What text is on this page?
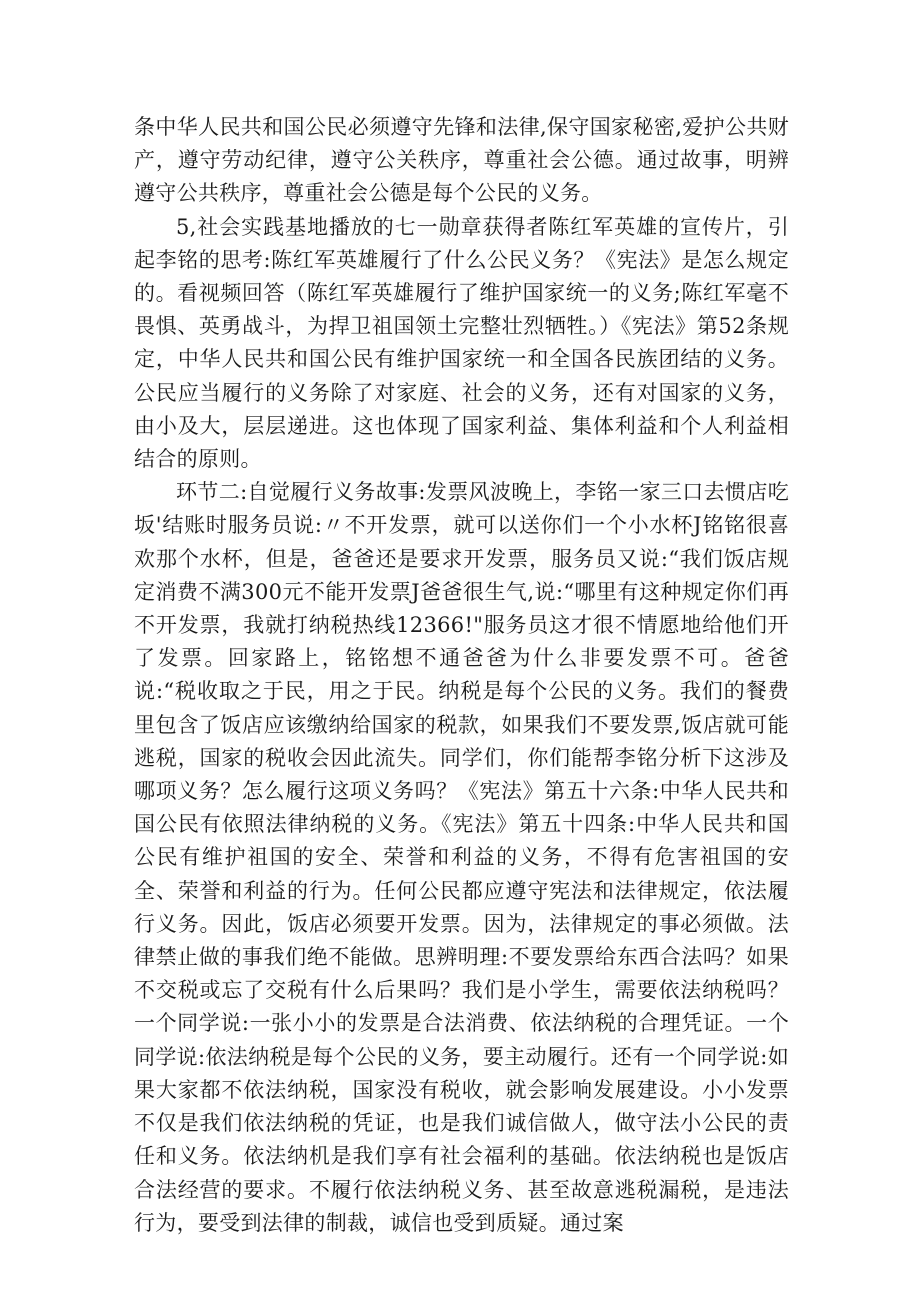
条中华人民共和国公民必须遵守先锋和法律,保守国家秘密,爱护公共财产，遵守劳动纪律，遵守公关秩序，尊重社会公德。通过故事，明辨遵守公共秩序，尊重社会公德是每个公民的义务。

5,社会实践基地播放的七一勋章获得者陈红军英雄的宣传片，引起李铭的思考:陈红军英雄履行了什么公民义务？《宪法》是怎么规定的。看视频回答（陈红军英雄履行了维护国家统一的义务;陈红军毫不畏惧、英勇战斗，为捍卫祖国领土完整壮烈牺牲。）《宪法》第52条规定，中华人民共和国公民有维护国家统一和全国各民族团结的义务。公民应当履行的义务除了对家庭、社会的义务，还有对国家的义务，由小及大，层层递进。这也体现了国家利益、集体利益和个人利益相结合的原则。

环节二:自觉履行义务故事:发票风波晚上，李铭一家三口去惯店吃坂'结账时服务员说:〃不开发票，就可以送你们一个小水杯J铭铭很喜欢那个水杯，但是，爸爸还是要求开发票，服务员又说:“我们饭店规定消费不满300元不能开发票J爸爸很生气,说:“哪里有这种规定你们再不开发票，我就打纳税热线12366!"服务员这才很不情愿地给他们开了发票。回家路上，铭铭想不通爸爸为什么非要发票不可。爸爸说:“税收取之于民，用之于民。纳税是每个公民的义务。我们的餐费里包含了饭店应该缴纳给国家的税款，如果我们不要发票,饭店就可能逃税，国家的税收会因此流失。同学们，你们能帮李铭分析下这涉及哪项义务？怎么履行这项义务吗？《宪法》第五十六条:中华人民共和国公民有依照法律纳税的义务。《宪法》第五十四条:中华人民共和国公民有维护祖国的安全、荣誉和利益的义务，不得有危害祖国的安全、荣誉和利益的行为。任何公民都应遵守宪法和法律规定，依法履行义务。因此，饭店必须要开发票。因为，法律规定的事必须做。法律禁止做的事我们绝不能做。思辨明理:不要发票给东西合法吗？如果不交税或忘了交税有什么后果吗？我们是小学生，需要依法纳税吗？一个同学说:一张小小的发票是合法消费、依法纳税的合理凭证。一个同学说:依法纳税是每个公民的义务，要主动履行。还有一个同学说:如果大家都不依法纳税，国家没有税收，就会影响发展建设。小小发票不仅是我们依法纳税的凭证，也是我们诚信做人，做守法小公民的责任和义务。依法纳机是我们享有社会福利的基础。依法纳税也是饭店合法经营的要求。不履行依法纳税义务、甚至故意逃税漏税，是违法行为，要受到法律的制裁，诚信也受到质疑。通过案
